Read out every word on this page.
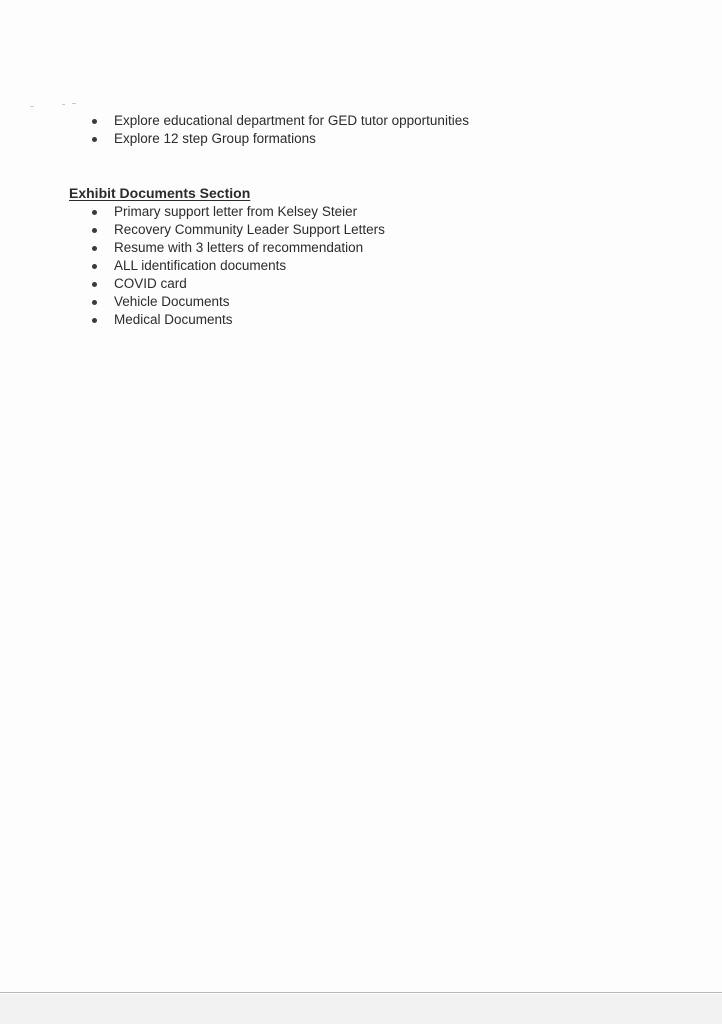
Explore educational department for GED tutor opportunities
Explore 12 step Group formations
Exhibit Documents Section
Primary support letter from Kelsey Steier
Recovery Community Leader Support Letters
Resume with 3 letters of recommendation
ALL identification documents
COVID card
Vehicle Documents
Medical Documents
